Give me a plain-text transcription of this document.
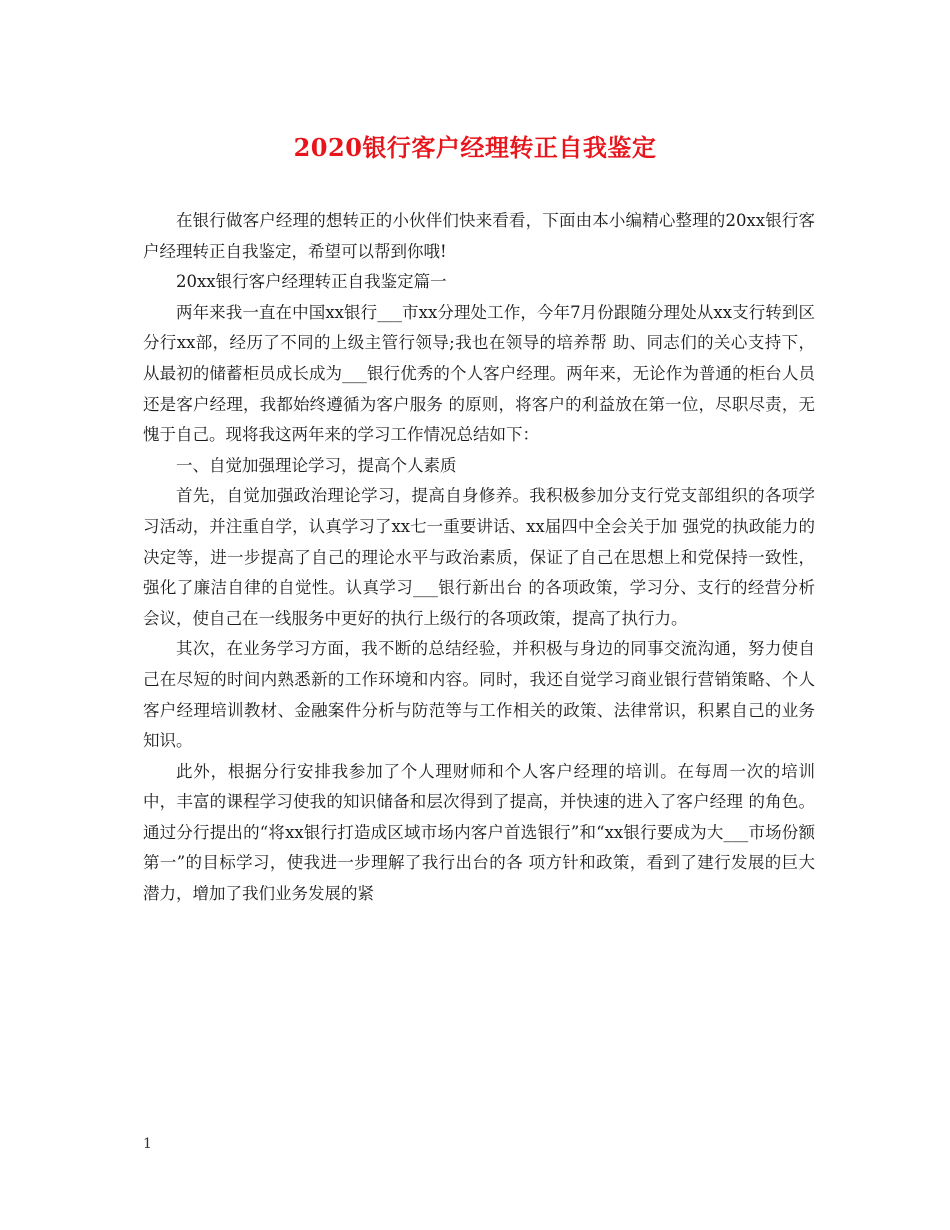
2020银行客户经理转正自我鉴定

在银行做客户经理的想转正的小伙伴们快来看看，下面由本小编精心整理的20xx银行客户经理转正自我鉴定，希望可以帮到你哦!

20xx银行客户经理转正自我鉴定篇一

两年来我一直在中国xx银行___市xx分理处工作，今年7月份跟随分理处从xx支行转到区分行xx部，经历了不同的上级主管行领导;我也在领导的培养帮 助、同志们的关心支持下，从最初的储蓄柜员成长成为___银行优秀的个人客户经理。两年来，无论作为普通的柜台人员还是客户经理，我都始终遵循为客户服务 的原则，将客户的利益放在第一位，尽职尽责，无愧于自己。现将我这两年来的学习工作情况总结如下：

一、自觉加强理论学习，提高个人素质

首先，自觉加强政治理论学习，提高自身修养。我积极参加分支行党支部组织的各项学习活动，并注重自学，认真学习了xx七一重要讲话、xx届四中全会关于加 强党的执政能力的决定等，进一步提高了自己的理论水平与政治素质，保证了自己在思想上和党保持一致性，强化了廉洁自律的自觉性。认真学习___银行新出台 的各项政策，学习分、支行的经营分析会议，使自己在一线服务中更好的执行上级行的各项政策，提高了执行力。

其次，在业务学习方面，我不断的总结经验，并积极与身边的同事交流沟通，努力使自己在尽短的时间内熟悉新的工作环境和内容。同时，我还自觉学习商业银行营销策略、个人客户经理培训教材、金融案件分析与防范等与工作相关的政策、法律常识，积累自己的业务知识。

此外，根据分行安排我参加了个人理财师和个人客户经理的培训。在每周一次的培训中，丰富的课程学习使我的知识储备和层次得到了提高，并快速的进入了客户经理 的角色。通过分行提出的“将xx银行打造成区域市场内客户首选银行”和“xx银行要成为大___市场份额第一”的目标学习，使我进一步理解了我行出台的各 项方针和政策，看到了建行发展的巨大潜力，增加了我们业务发展的紧

1
